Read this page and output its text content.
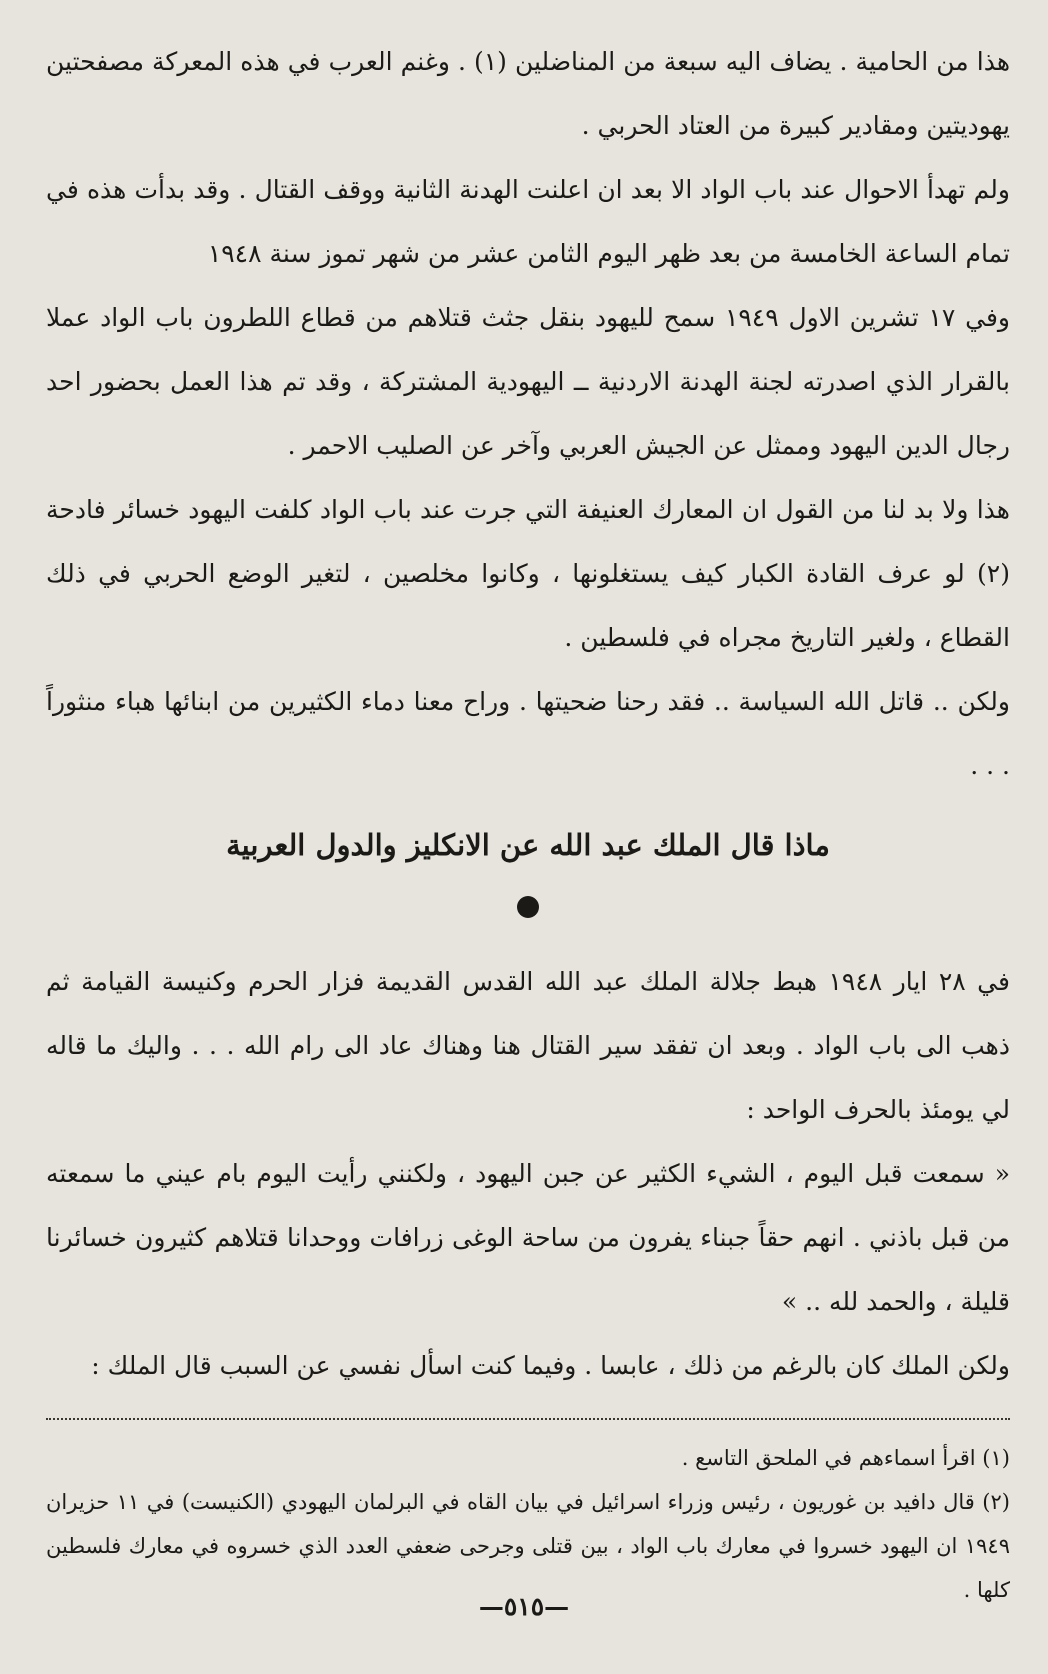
هذا من الحامية . يضاف اليه سبعة من المناضلين (١) . وغنم العرب في هذه المعركة مصفحتين يهوديتين ومقادير كبيرة من العتاد الحربي .

ولم تهدأ الاحوال عند باب الواد الا بعد ان اعلنت الهدنة الثانية ووقف القتال . وقد بدأت هذه في تمام الساعة الخامسة من بعد ظهر اليوم الثامن عشر من شهر تموز سنة ١٩٤٨

وفي ١٧ تشرين الاول ١٩٤٩ سمح لليهود بنقل جثث قتلاهم من قطاع اللطرون باب الواد عملا بالقرار الذي اصدرته لجنة الهدنة الاردنية ــ اليهودية المشتركة ، وقد تم هذا العمل بحضور احد رجال الدين اليهود وممثل عن الجيش العربي وآخر عن الصليب الاحمر .

هذا ولا بد لنا من القول ان المعارك العنيفة التي جرت عند باب الواد كلفت اليهود خسائر فادحة (٢) لو عرف القادة الكبار كيف يستغلونها ، وكانوا مخلصين ، لتغير الوضع الحربي في ذلك القطاع ، ولغير التاريخ مجراه في فلسطين .

ولكن .. قاتل الله السياسة .. فقد رحنا ضحيتها . وراح معنا دماء الكثيرين من ابنائها هباء منثوراً . . .

ماذا قال الملك عبد الله عن الانكليز والدول العربية

في ٢٨ ايار ١٩٤٨ هبط جلالة الملك عبد الله القدس القديمة فزار الحرم وكنيسة القيامة ثم ذهب الى باب الواد . وبعد ان تفقد سير القتال هنا وهناك عاد الى رام الله . . . واليك ما قاله لي يومئذ بالحرف الواحد :

« سمعت قبل اليوم ، الشيء الكثير عن جبن اليهود ، ولكنني رأيت اليوم بام عيني ما سمعته من قبل باذني . انهم حقاً جبناء يفرون من ساحة الوغى زرافات ووحدانا قتلاهم كثيرون خسائرنا قليلة ، والحمد لله .. »

ولكن الملك كان بالرغم من ذلك ، عابسا . وفيما كنت اسأل نفسي عن السبب قال الملك :

(١) اقرأ اسماءهم في الملحق التاسع .

(٢) قال دافيد بن غوريون ، رئيس وزراء اسرائيل في بيان القاه في البرلمان اليهودي (الكنيست) في ١١ حزيران ١٩٤٩ ان اليهود خسروا في معارك باب الواد ، بين قتلى وجرحى ضعفي العدد الذي خسروه في معارك فلسطين كلها .

—٥١٥—
